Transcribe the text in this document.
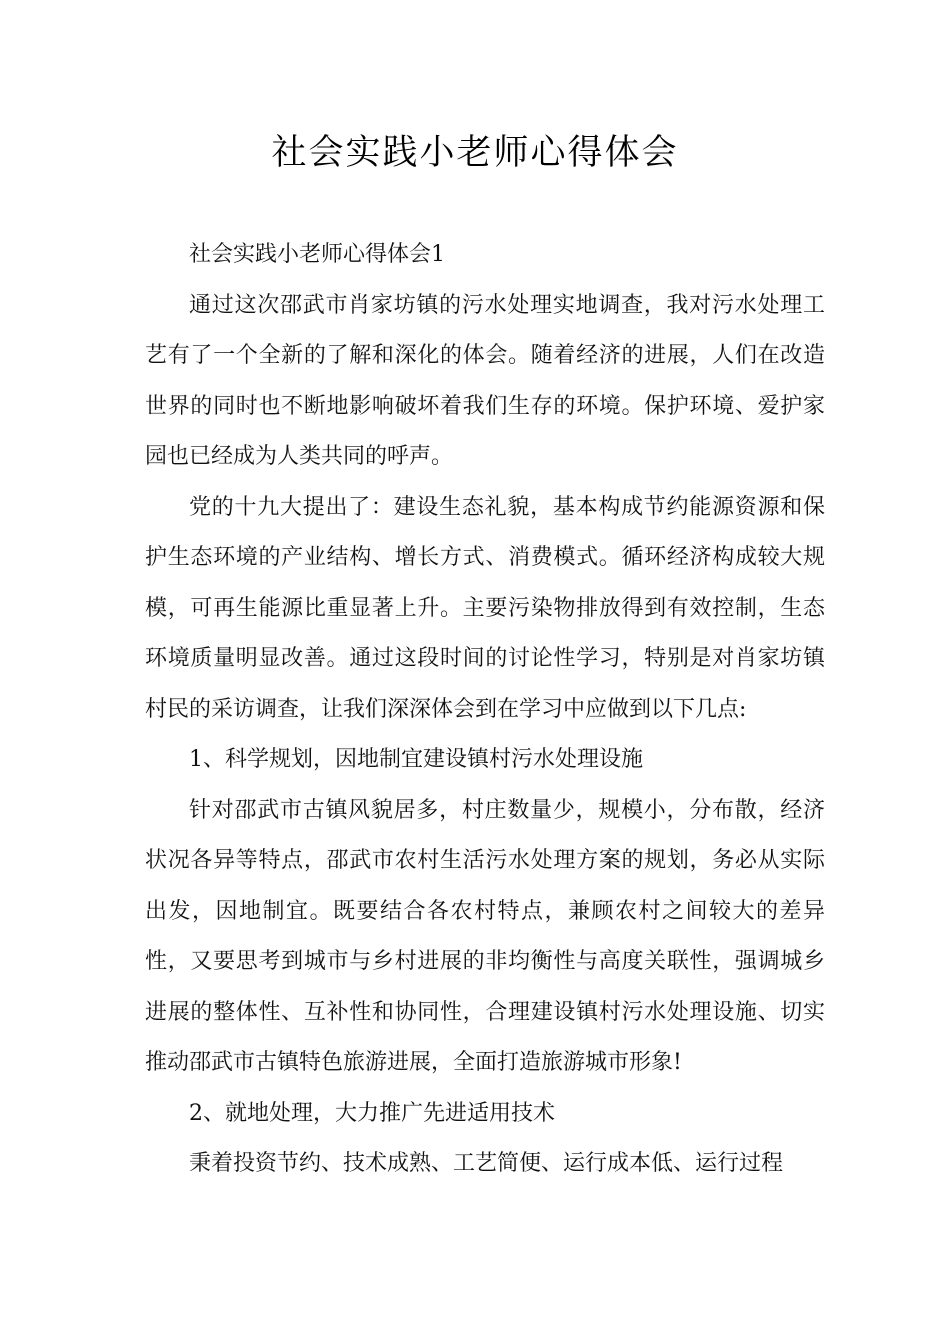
社会实践小老师心得体会

社会实践小老师心得体会1

通过这次邵武市肖家坊镇的污水处理实地调查，我对污水处理工艺有了一个全新的了解和深化的体会。随着经济的进展，人们在改造世界的同时也不断地影响破坏着我们生存的环境。保护环境、爱护家园也已经成为人类共同的呼声。

党的十九大提出了：建设生态礼貌，基本构成节约能源资源和保护生态环境的产业结构、增长方式、消费模式。循环经济构成较大规模，可再生能源比重显著上升。主要污染物排放得到有效控制，生态环境质量明显改善。通过这段时间的讨论性学习，特别是对肖家坊镇村民的采访调查，让我们深深体会到在学习中应做到以下几点:

1、科学规划，因地制宜建设镇村污水处理设施

针对邵武市古镇风貌居多，村庄数量少，规模小，分布散，经济状况各异等特点，邵武市农村生活污水处理方案的规划，务必从实际出发，因地制宜。既要结合各农村特点，兼顾农村之间较大的差异性，又要思考到城市与乡村进展的非均衡性与高度关联性，强调城乡进展的整体性、互补性和协同性，合理建设镇村污水处理设施、切实推动邵武市古镇特色旅游进展，全面打造旅游城市形象!

2、就地处理，大力推广先进适用技术

秉着投资节约、技术成熟、工艺简便、运行成本低、运行过程
